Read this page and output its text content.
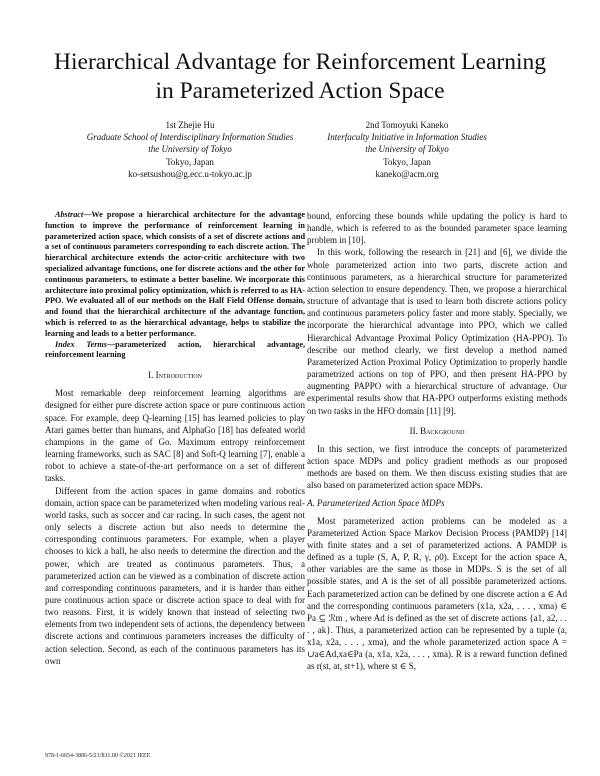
Hierarchical Advantage for Reinforcement Learning
in Parameterized Action Space
1st Zhejie Hu
Graduate School of Interdisciplinary Information Studies
the University of Tokyo
Tokyo, Japan
ko-setsushou@g.ecc.u-tokyo.ac.jp
2nd Tomoyuki Kaneko
Interfaculty Initiative in Information Studies
the University of Tokyo
Tokyo, Japan
kaneko@acm.org

Abstract—We propose a hierarchical architecture for the advantage function to improve the performance of reinforcement learning in parameterized action space, which consists of a set of discrete actions and a set of continuous parameters corresponding to each discrete action. The hierarchical architecture extends the actor-critic architecture with two specialized advantage functions, one for discrete actions and the other for continuous parameters, to estimate a better baseline. We incorporate this architecture into proximal policy optimization, which is referred to as HA-PPO. We evaluated all of our methods on the Half Field Offense domain, and found that the hierarchical architecture of the advantage function, which is referred to as the hierarchical advantage, helps to stabilize the learning and leads to a better performance.

Index Terms—parameterized action, hierarchical advantage, reinforcement learning

I. Introduction

Most remarkable deep reinforcement learning algorithms are designed for either pure discrete action space or pure continuous action space. For example, deep Q-learning [15] has learned policies to play Atari games better than humans, and AlphaGo [18] has defeated world champions in the game of Go. Maximum entropy reinforcement learning frameworks, such as SAC [8] and Soft-Q learning [7], enable a robot to achieve a state-of-the-art performance on a set of different tasks.

Different from the action spaces in game domains and robotics domain, action space can be parameterized when modeling various real-world tasks, such as soccer and car racing. In such cases, the agent not only selects a discrete action but also needs to determine the corresponding continuous parameters. For example, when a player chooses to kick a ball, he also needs to determine the direction and the power, which are treated as continuous parameters. Thus, a parameterized action can be viewed as a combination of discrete action and corresponding continuous parameters, and it is harder than either pure continuous action space or discrete action space to deal with for two reasons. First, it is widely known that instead of selecting two elements from two independent sets of actions, the dependency between discrete actions and continuous parameters increases the difficulty of action selection. Second, as each of the continuous parameters has its own

bound, enforcing these bounds while updating the policy is hard to handle, which is referred to as the bounded parameter space learning problem in [10].

In this work, following the research in [21] and [6], we divide the whole parameterized action into two parts, discrete action and continuous parameters, as a hierarchical structure for parameterized action selection to ensure dependency. Then, we propose a hierarchical structure of advantage that is used to learn both discrete actions policy and continuous parameters policy faster and more stably. Specially, we incorporate the hierarchical advantage into PPO, which we called Hierarchical Advantage Proximal Policy Optimization (HA-PPO). To describe our method clearly, we first develop a method named Parameterized Action Proximal Policy Optimization to properly handle parametrized actions on top of PPO, and then present HA-PPO by augmenting PAPPO with a hierarchical structure of advantage. Our experimental results show that HA-PPO outperforms existing methods on two tasks in the HFO domain [11] [9].

II. Background

In this section, we first introduce the concepts of parameterized action space MDPs and policy gradient methods as our proposed methods are based on them. We then discuss existing studies that are also based on parameterized action space MDPs.

A. Parameterized Action Space MDPs

Most parameterized action problems can be modeled as a Parameterized Action Space Markov Decision Process (PAMDP) [14] with finite states and a set of parameterized actions. A PAMDP is defined as a tuple (S, A, P, R, γ, ρ0). Except for the action space A, other variables are the same as those in MDPs. S is the set of all possible states, and A is the set of all possible parameterized actions. Each parameterized action can be defined by one discrete action a ∈ Ad and the corresponding continuous parameters (x1a, x2a, . . . , xma) ∈ Pa ⊆ ℛm , where Ad is defined as the set of discrete actions {a1, a2, . . . , ak}. Thus, a parameterized action can be represented by a tuple (a, x1a, x2a, . . . , xma), and the whole parameterized action space A = ∪a∈Ad,xa∈Pa (a, x1a, x2a, . . . , xma). R is a reward function defined as r(st, at, st+1), where st ∈ S,

978-1-6654-3886-5/21/$31.00 ©2021 IEEE
